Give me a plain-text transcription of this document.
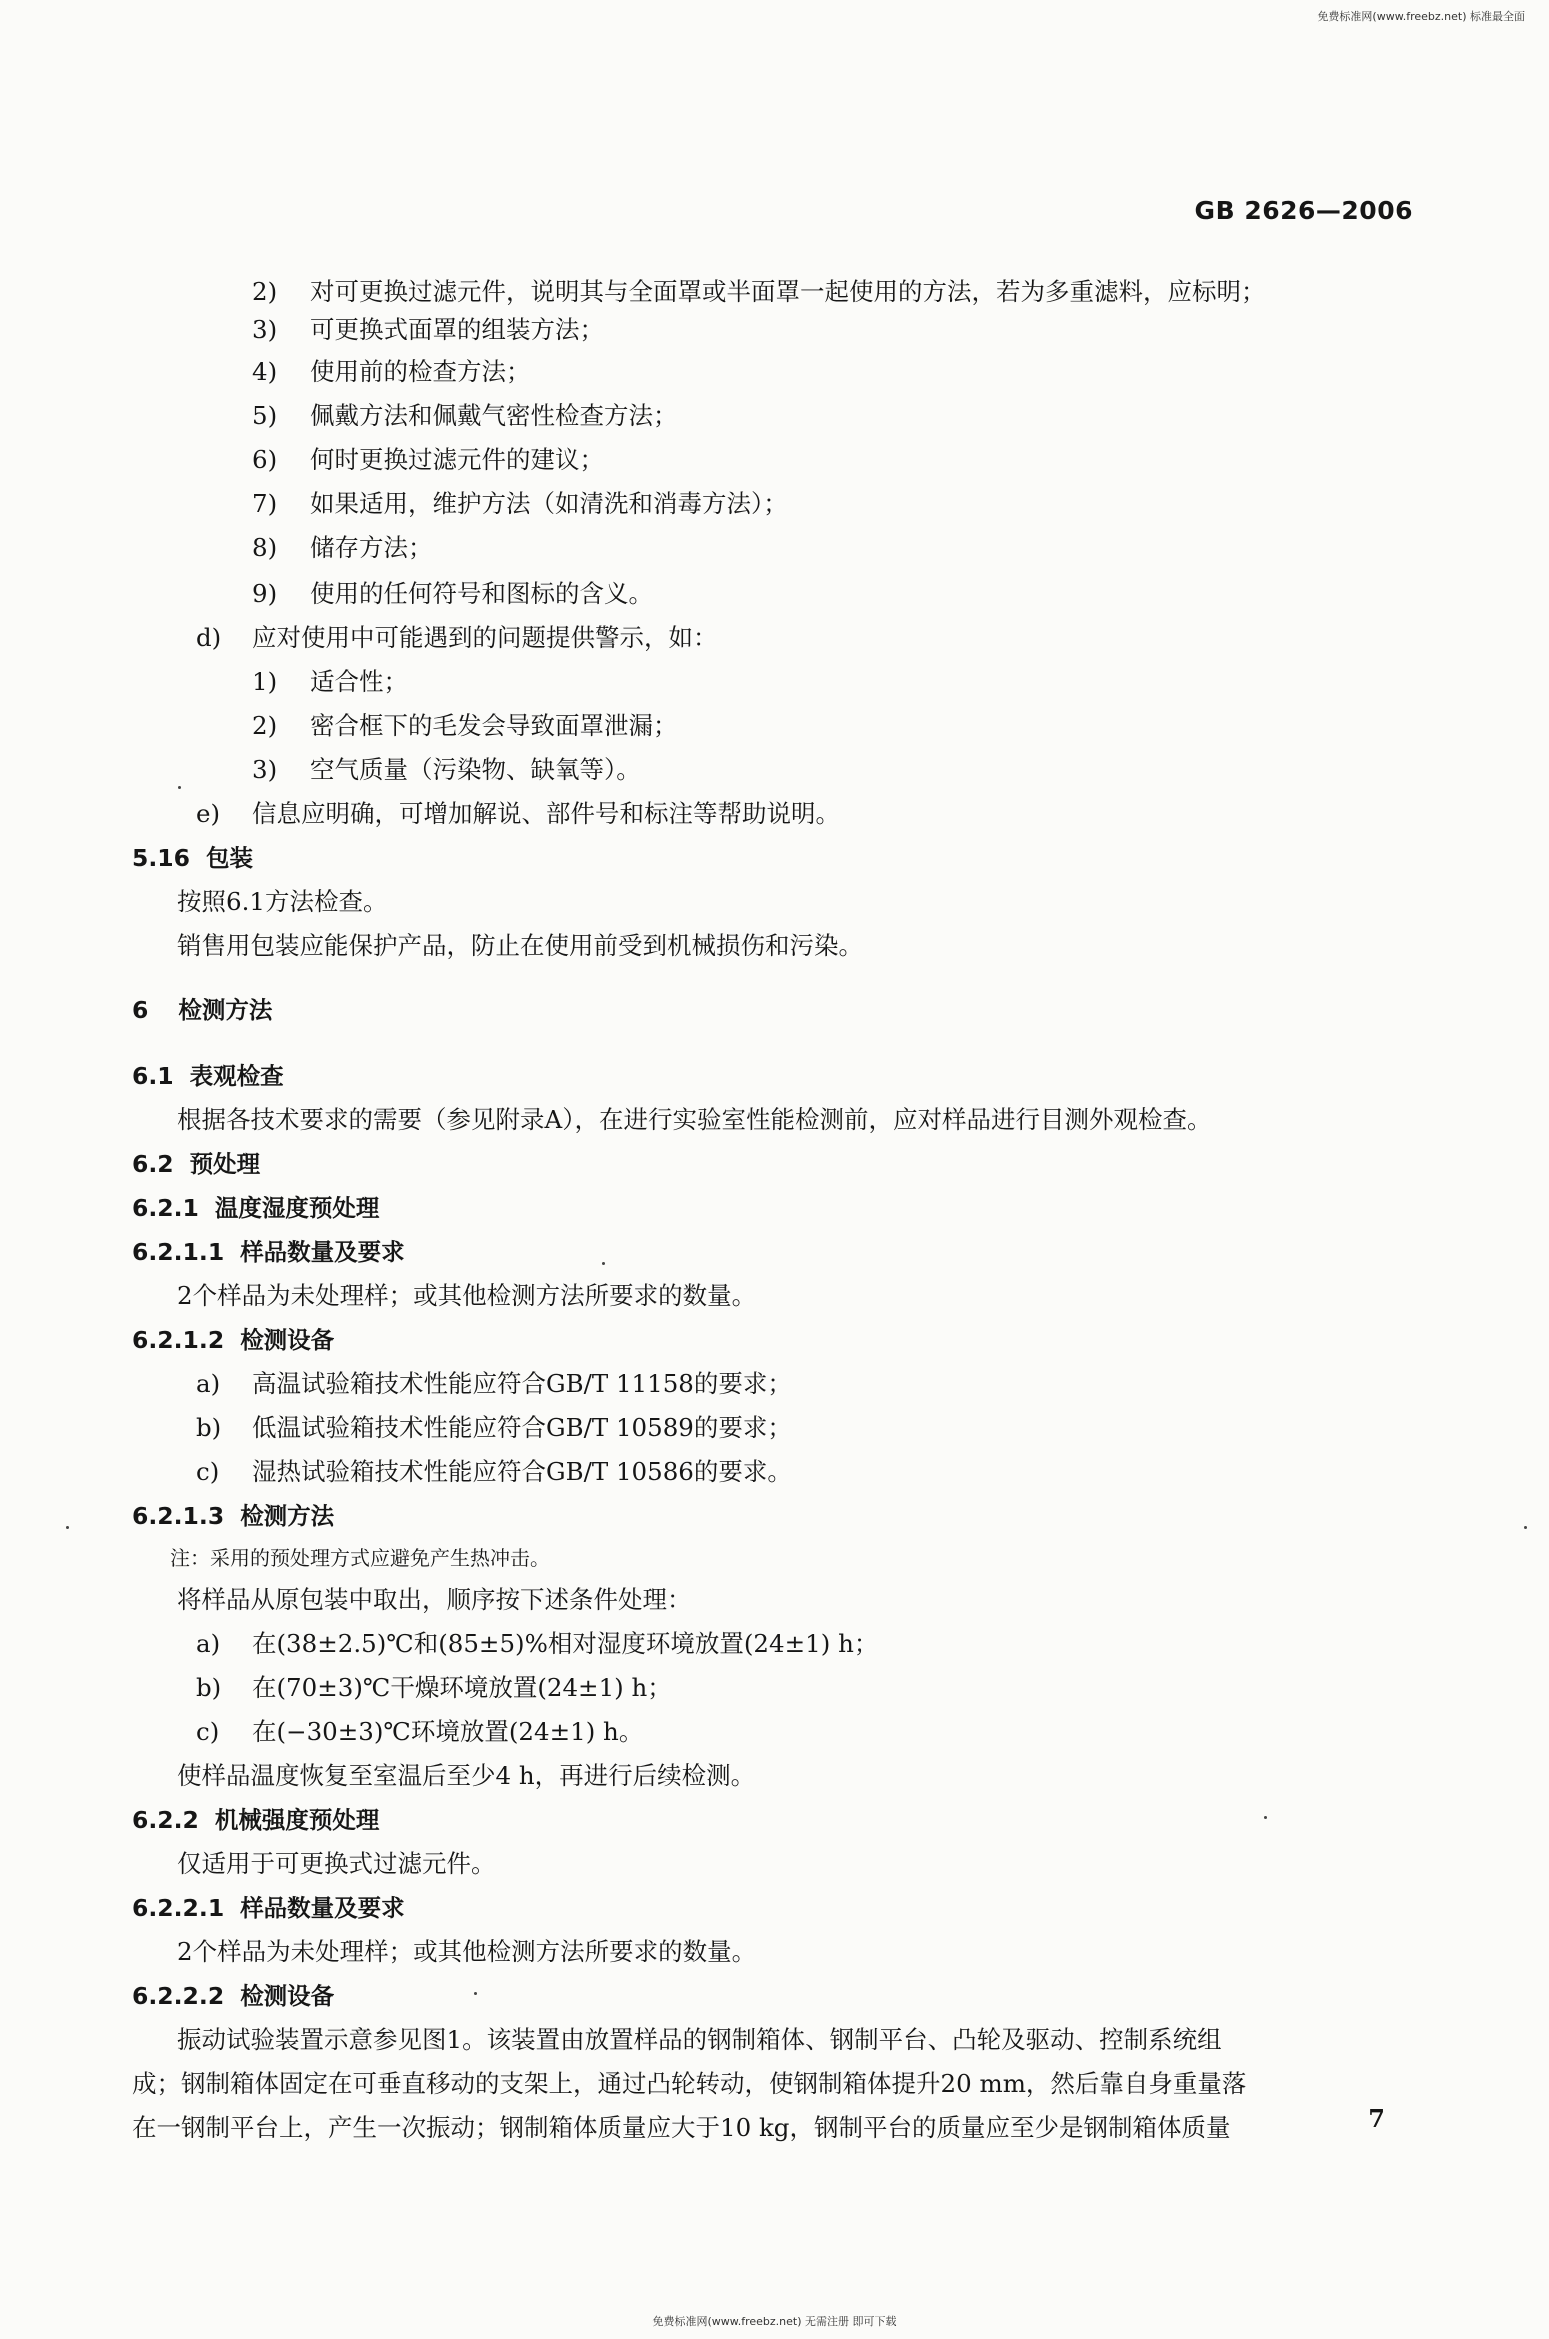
免费标准网(www.freebz.net) 标准最全面
GB 2626—2006
2) 对可更换过滤元件，说明其与全面罩或半面罩一起使用的方法，若为多重滤料，应标明；
3) 可更换式面罩的组装方法；
4) 使用前的检查方法；
5) 佩戴方法和佩戴气密性检查方法；
6) 何时更换过滤元件的建议；
7) 如果适用，维护方法（如清洗和消毒方法）；
8) 储存方法；
9) 使用的任何符号和图标的含义。
d) 应对使用中可能遇到的问题提供警示，如：
1) 适合性；
2) 密合框下的毛发会导致面罩泄漏；
3) 空气质量（污染物、缺氧等）。
e) 信息应明确，可增加解说、部件号和标注等帮助说明。
5.16 包装
按照6.1方法检查。
销售用包装应能保护产品，防止在使用前受到机械损伤和污染。
6 检测方法
6.1 表观检查
根据各技术要求的需要（参见附录A），在进行实验室性能检测前，应对样品进行目测外观检查。
6.2 预处理
6.2.1 温度湿度预处理
6.2.1.1 样品数量及要求
2个样品为未处理样；或其他检测方法所要求的数量。
6.2.1.2 检测设备
a) 高温试验箱技术性能应符合GB/T 11158的要求；
b) 低温试验箱技术性能应符合GB/T 10589的要求；
c) 湿热试验箱技术性能应符合GB/T 10586的要求。
6.2.1.3 检测方法
注：采用的预处理方式应避免产生热冲击。
将样品从原包装中取出，顺序按下述条件处理：
a) 在(38±2.5)℃和(85±5)%相对湿度环境放置(24±1) h；
b) 在(70±3)℃干燥环境放置(24±1) h；
c) 在(−30±3)℃环境放置(24±1) h。
使样品温度恢复至室温后至少4 h，再进行后续检测。
6.2.2 机械强度预处理
仅适用于可更换式过滤元件。
6.2.2.1 样品数量及要求
2个样品为未处理样；或其他检测方法所要求的数量。
6.2.2.2 检测设备
振动试验装置示意参见图1。该装置由放置样品的钢制箱体、钢制平台、凸轮及驱动、控制系统组
成；钢制箱体固定在可垂直移动的支架上，通过凸轮转动，使钢制箱体提升20 mm，然后靠自身重量落
在一钢制平台上，产生一次振动；钢制箱体质量应大于10 kg，钢制平台的质量应至少是钢制箱体质量	7
免费标准网(www.freebz.net) 无需注册 即可下载
